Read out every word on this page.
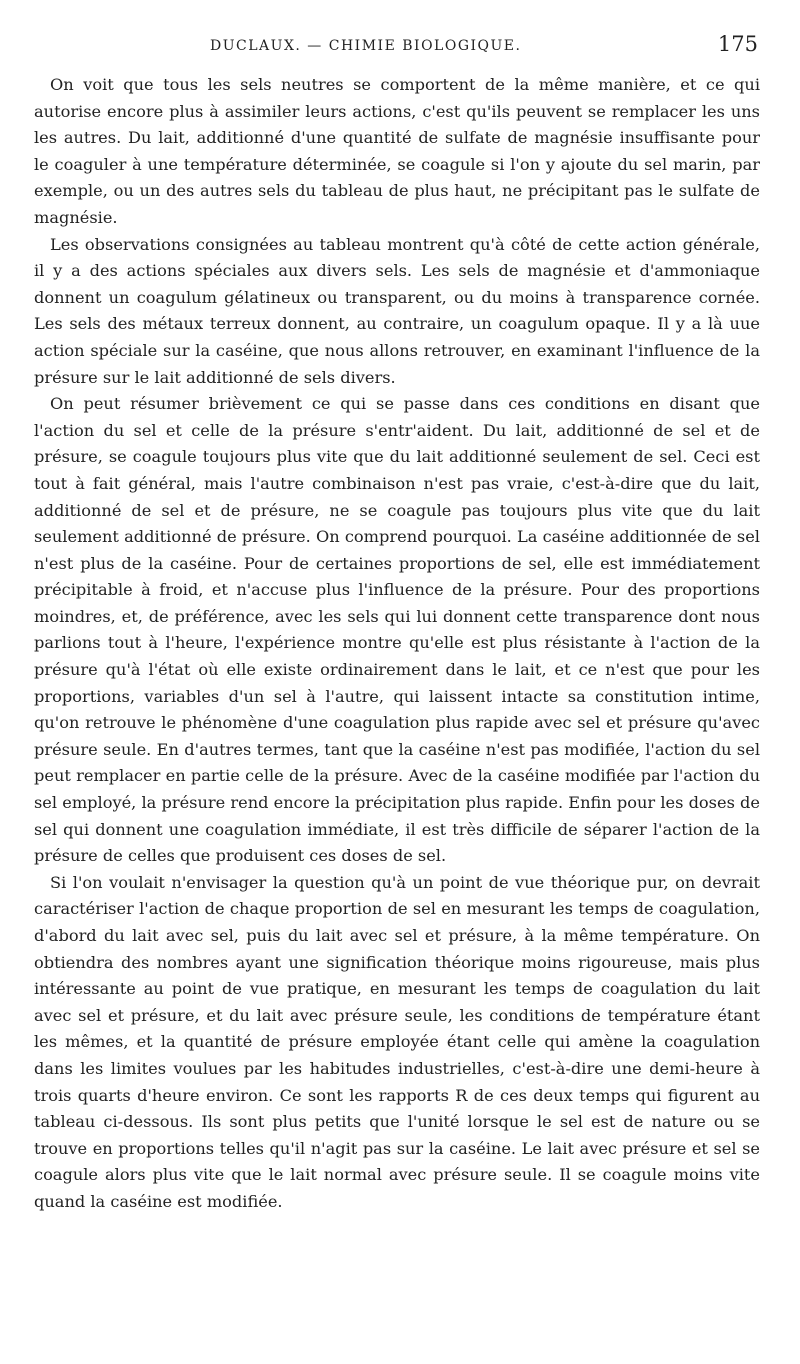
DUCLAUX. — CHIMIE BIOLOGIQUE.	175

On voit que tous les sels neutres se comportent de la même manière, et ce qui autorise encore plus à assimiler leurs actions, c'est qu'ils peuvent se remplacer les uns les autres. Du lait, additionné d'une quantité de sulfate de magnésie insuffisante pour le coaguler à une température déterminée, se coagule si l'on y ajoute du sel marin, par exemple, ou un des autres sels du tableau de plus haut, ne précipitant pas le sulfate de magnésie.

Les observations consignées au tableau montrent qu'à côté de cette action générale, il y a des actions spéciales aux divers sels. Les sels de magnésie et d'ammoniaque donnent un coagulum gélatineux ou transparent, ou du moins à transparence cornée. Les sels des métaux terreux donnent, au contraire, un coagulum opaque. Il y a là uue action spéciale sur la caséine, que nous allons retrouver, en examinant l'influence de la présure sur le lait additionné de sels divers.

On peut résumer brièvement ce qui se passe dans ces conditions en disant que l'action du sel et celle de la présure s'entr'aident. Du lait, additionné de sel et de présure, se coagule toujours plus vite que du lait additionné seulement de sel. Ceci est tout à fait général, mais l'autre combinaison n'est pas vraie, c'est-à-dire que du lait, additionné de sel et de présure, ne se coagule pas toujours plus vite que du lait seulement additionné de présure. On comprend pourquoi. La caséine additionnée de sel n'est plus de la caséine. Pour de certaines proportions de sel, elle est immédiatement précipitable à froid, et n'accuse plus l'influence de la présure. Pour des proportions moindres, et, de préférence, avec les sels qui lui donnent cette transparence dont nous parlions tout à l'heure, l'expérience montre qu'elle est plus résistante à l'action de la présure qu'à l'état où elle existe ordinairement dans le lait, et ce n'est que pour les proportions, variables d'un sel à l'autre, qui laissent intacte sa constitution intime, qu'on retrouve le phénomène d'une coagulation plus rapide avec sel et présure qu'avec présure seule. En d'autres termes, tant que la caséine n'est pas modifiée, l'action du sel peut remplacer en partie celle de la présure. Avec de la caséine modifiée par l'action du sel employé, la présure rend encore la précipitation plus rapide. Enfin pour les doses de sel qui donnent une coagulation immédiate, il est très difficile de séparer l'action de la présure de celles que produisent ces doses de sel.

Si l'on voulait n'envisager la question qu'à un point de vue théorique pur, on devrait caractériser l'action de chaque proportion de sel en mesurant les temps de coagulation, d'abord du lait avec sel, puis du lait avec sel et présure, à la même température. On obtiendra des nombres ayant une signification théorique moins rigoureuse, mais plus intéressante au point de vue pratique, en mesurant les temps de coagulation du lait avec sel et présure, et du lait avec présure seule, les conditions de température étant les mêmes, et la quantité de présure employée étant celle qui amène la coagulation dans les limites voulues par les habitudes industrielles, c'est-à-dire une demi-heure à trois quarts d'heure environ. Ce sont les rapports R de ces deux temps qui figurent au tableau ci-dessous. Ils sont plus petits que l'unité lorsque le sel est de nature ou se trouve en proportions telles qu'il n'agit pas sur la caséine. Le lait avec présure et sel se coagule alors plus vite que le lait normal avec présure seule. Il se coagule moins vite quand la caséine est modifiée.
